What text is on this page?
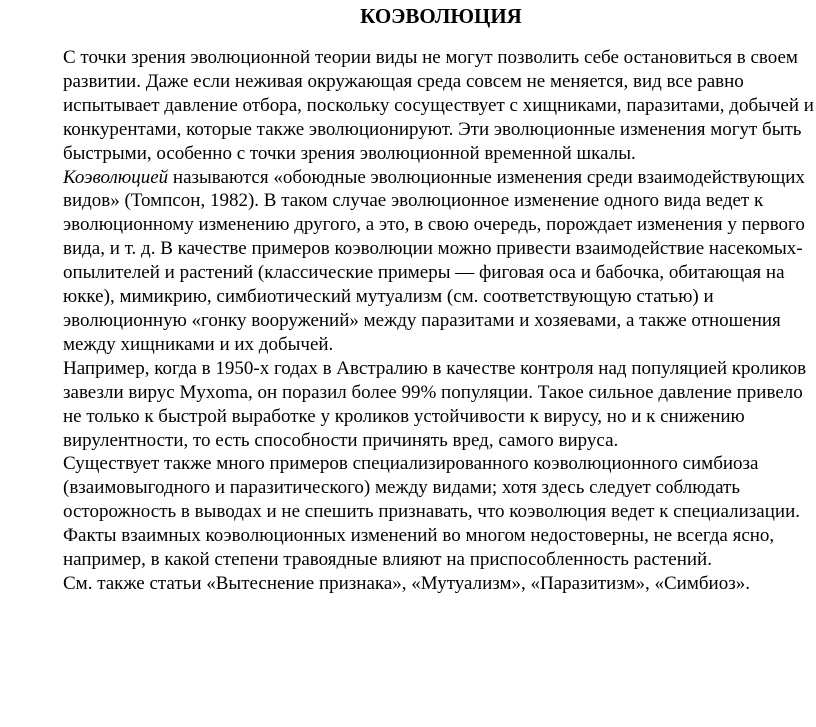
КОЭВОЛЮЦИЯ

С точки зрения эволюционной теории виды не могут позволить себе остановиться в своем развитии. Даже если неживая окружающая среда совсем не меняется, вид все равно испытывает давление отбора, поскольку сосуществует с хищниками, паразитами, добычей и конкурентами, которые также эволюционируют. Эти эволюционные изменения могут быть быстрыми, особенно с точки зрения эволюционной временной шкалы.

Коэволюцией называются «обоюдные эволюционные изменения среди взаимодействующих видов» (Томпсон, 1982). В таком случае эволюционное изменение одного вида ведет к эволюционному изменению другого, а это, в свою очередь, порождает изменения у первого вида, и т. д. В качестве примеров коэволюции можно привести взаимодействие насекомых-опылителей и растений (классические примеры — фиговая оса и бабочка, обитающая на юкке), мимикрию, симбиотический мутуализм (см. соответствующую статью) и эволюционную «гонку вооружений» между паразитами и хозяевами, а также отношения между хищниками и их добычей.

Например, когда в 1950-х годах в Австралию в качестве контроля над популяцией кроликов завезли вирус Myxoma, он поразил более 99% популяции. Такое сильное давление привело не только к быстрой выработке у кроликов устойчивости к вирусу, но и к снижению вирулентности, то есть способности причинять вред, самого вируса.

Существует также много примеров специализированного коэволюционного симбиоза (взаимовыгодного и паразитического) между видами; хотя здесь следует соблюдать осторожность в выводах и не спешить признавать, что коэволюция ведет к специализации. Факты взаимных коэволюционных изменений во многом недостоверны, не всегда ясно, например, в какой степени травоядные влияют на приспособленность растений.

См. также статьи «Вытеснение признака», «Мутуализм», «Паразитизм», «Симбиоз».
